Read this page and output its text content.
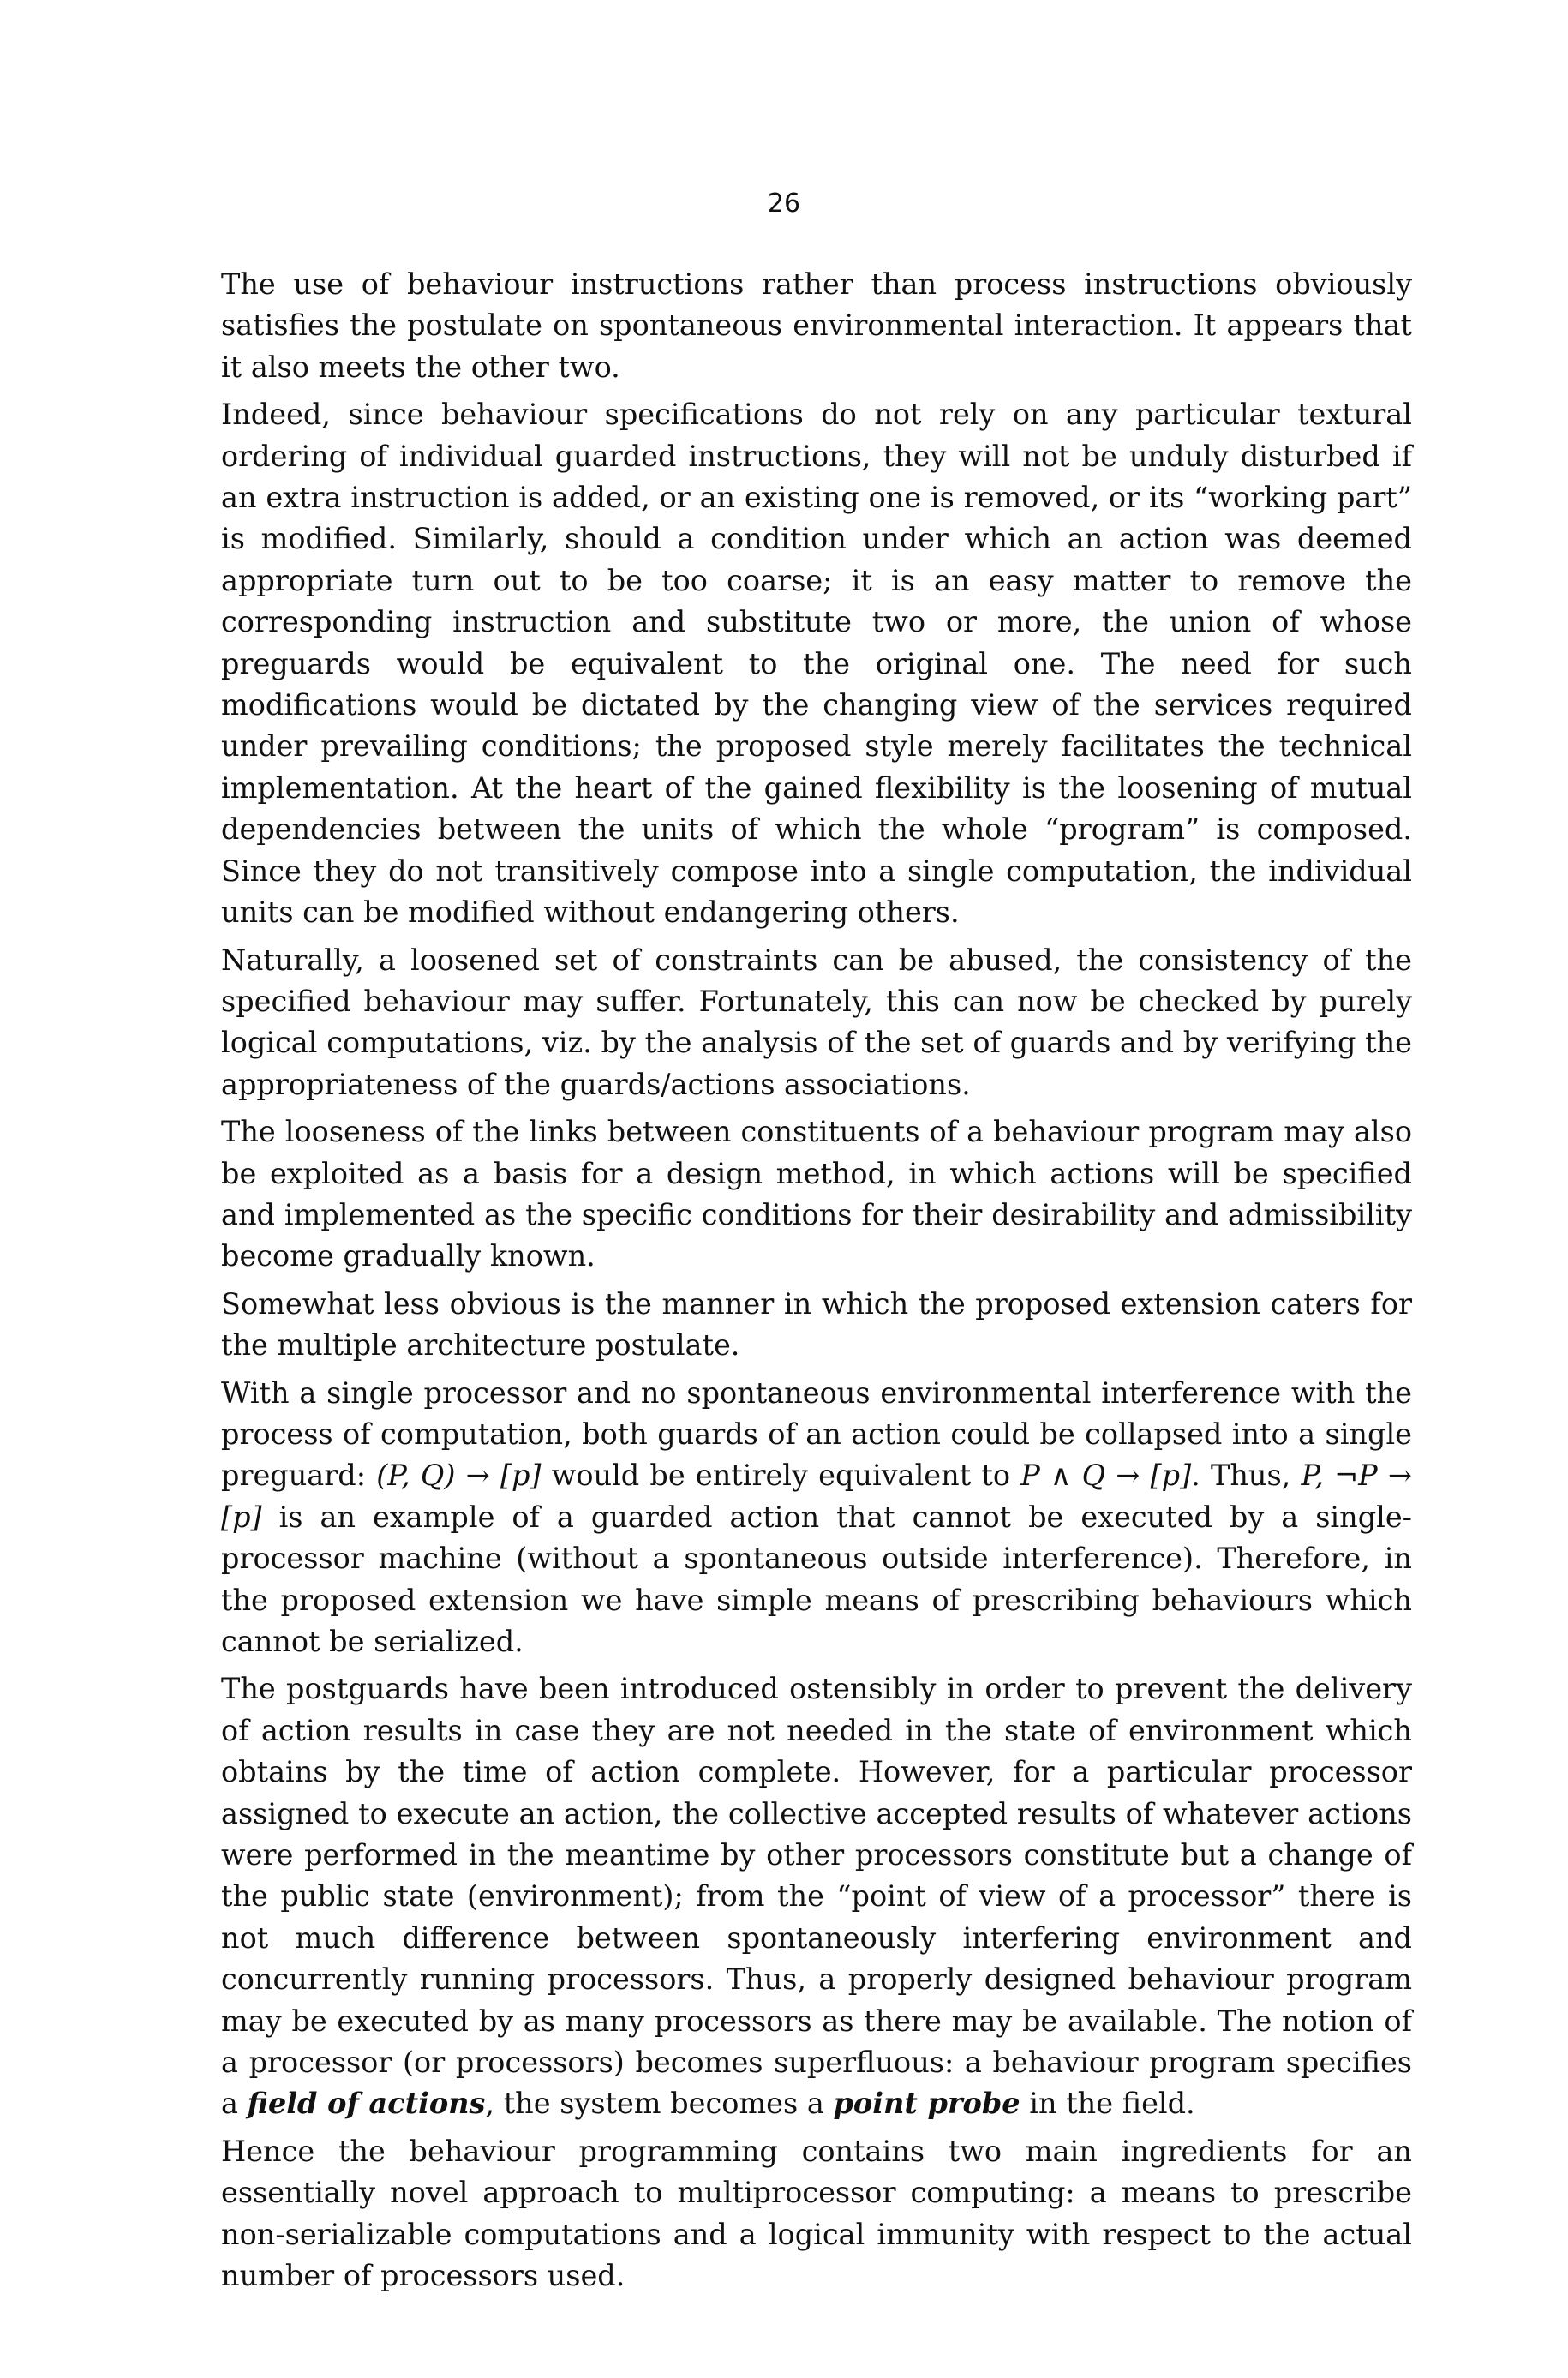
26

The use of behaviour instructions rather than process instructions obviously satisfies the postulate on spontaneous environmental interaction. It appears that it also meets the other two.

Indeed, since behaviour specifications do not rely on any particular textural ordering of individual guarded instructions, they will not be unduly disturbed if an extra instruction is added, or an existing one is removed, or its “working part” is modified. Similarly, should a condition under which an action was deemed appropriate turn out to be too coarse; it is an easy matter to remove the corresponding instruction and substitute two or more, the union of whose preguards would be equivalent to the original one. The need for such modifications would be dictated by the changing view of the services required under prevailing conditions; the proposed style merely facilitates the technical implementation. At the heart of the gained flexibility is the loosening of mutual dependencies between the units of which the whole “program” is composed. Since they do not transitively compose into a single computation, the individual units can be modified without endangering others.

Naturally, a loosened set of constraints can be abused, the consistency of the specified behaviour may suffer. Fortunately, this can now be checked by purely logical computations, viz. by the analysis of the set of guards and by verifying the appropriateness of the guards/actions associations.

The looseness of the links between constituents of a behaviour program may also be exploited as a basis for a design method, in which actions will be specified and implemented as the specific conditions for their desirability and admissibility become gradually known.

Somewhat less obvious is the manner in which the proposed extension caters for the multiple architecture postulate.

With a single processor and no spontaneous environmental interference with the process of computation, both guards of an action could be collapsed into a single preguard: (P, Q) → [p] would be entirely equivalent to P ∧ Q → [p]. Thus, P, ¬P → [p] is an example of a guarded action that cannot be executed by a single-processor machine (without a spontaneous outside interference). Therefore, in the proposed extension we have simple means of prescribing behaviours which cannot be serialized.

The postguards have been introduced ostensibly in order to prevent the delivery of action results in case they are not needed in the state of environment which obtains by the time of action complete. However, for a particular processor assigned to execute an action, the collective accepted results of whatever actions were performed in the meantime by other processors constitute but a change of the public state (environment); from the “point of view of a processor” there is not much difference between spontaneously interfering environment and concurrently running processors. Thus, a properly designed behaviour program may be executed by as many processors as there may be available. The notion of a processor (or processors) becomes superfluous: a behaviour program specifies a field of actions, the system becomes a point probe in the field.

Hence the behaviour programming contains two main ingredients for an essentially novel approach to multiprocessor computing: a means to prescribe non-serializable computations and a logical immunity with respect to the actual number of processors used.
